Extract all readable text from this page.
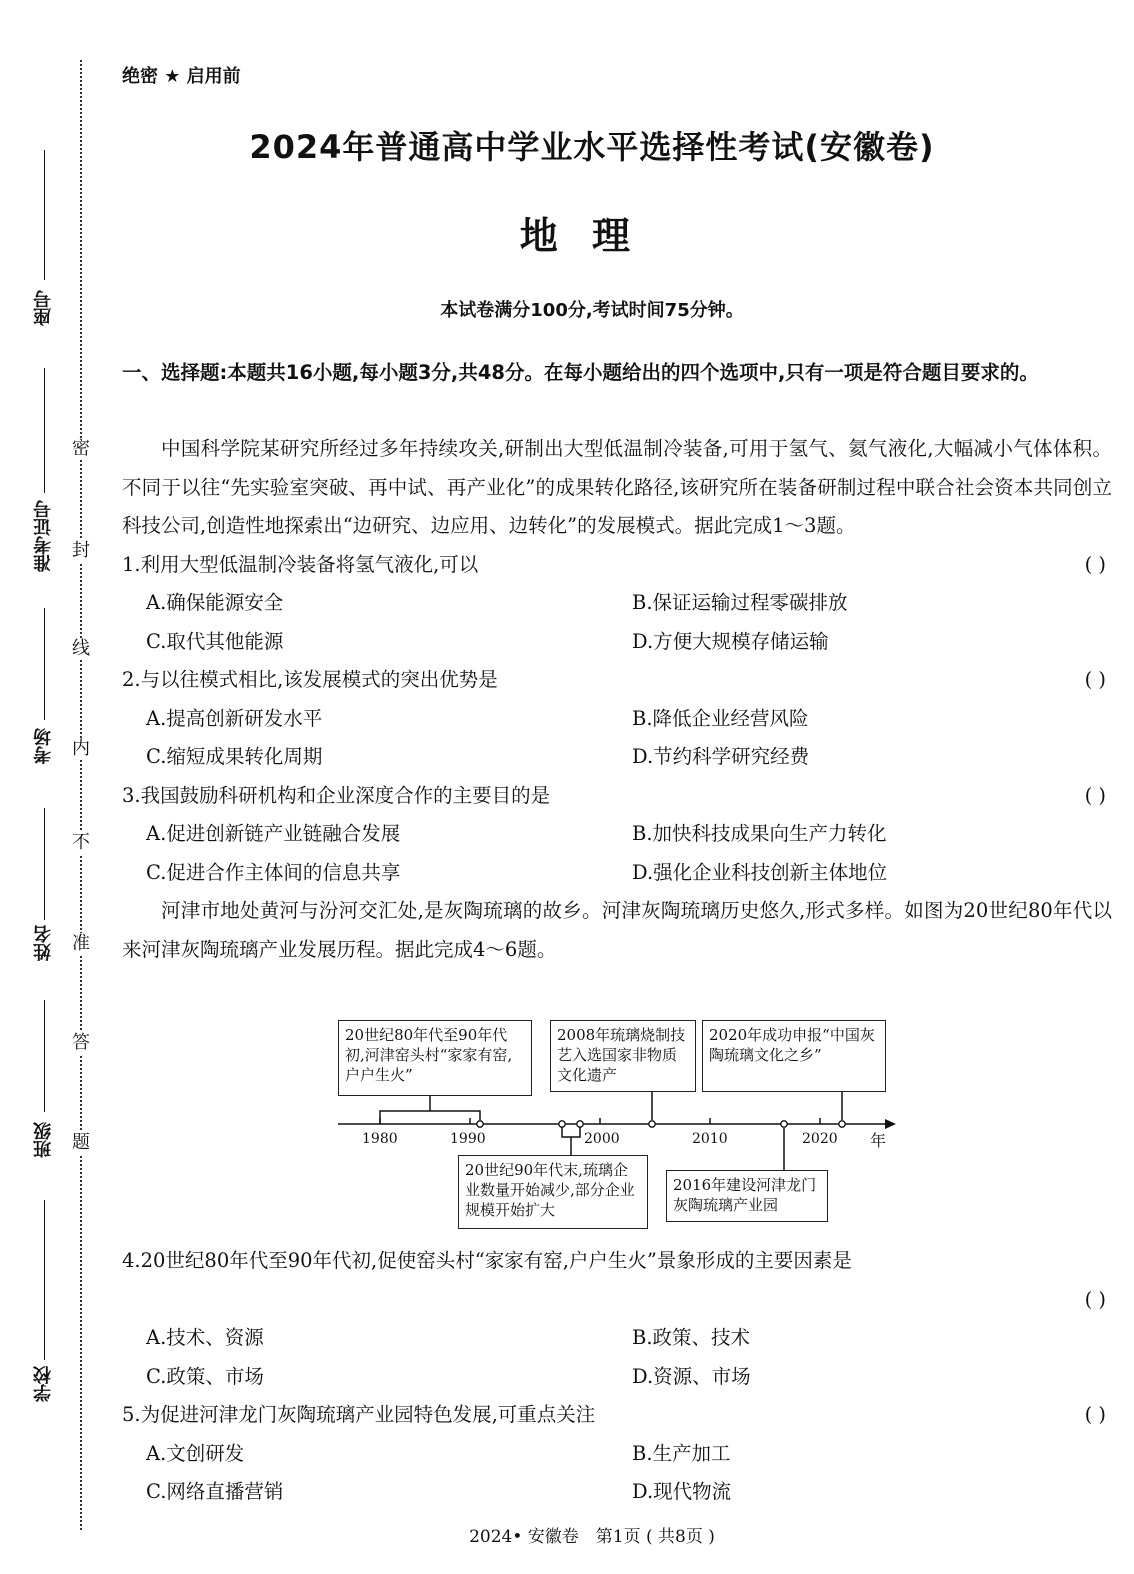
座号
准考证号
考场
姓名
班级
学校
密
封
线
内
不
准
答
题
绝密 ★ 启用前
2024年普通高中学业水平选择性考试(安徽卷)
地理
本试卷满分100分,考试时间75分钟。
一、选择题:本题共16小题,每小题3分,共48分。在每小题给出的四个选项中,只有一项是符合题目要求的。
中国科学院某研究所经过多年持续攻关,研制出大型低温制冷装备,可用于氢气、氦气液化,大幅减小气体体积。不同于以往“先实验室突破、再中试、再产业化”的成果转化路径,该研究所在装备研制过程中联合社会资本共同创立科技公司,创造性地探索出“边研究、边应用、边转化”的发展模式。据此完成1～3题。
1.利用大型低温制冷装备将氢气液化,可以	( )
A.确保能源安全	B.保证运输过程零碳排放
C.取代其他能源	D.方便大规模存储运输
2.与以往模式相比,该发展模式的突出优势是	( )
A.提高创新研发水平	B.降低企业经营风险
C.缩短成果转化周期	D.节约科学研究经费
3.我国鼓励科研机构和企业深度合作的主要目的是	( )
A.促进创新链产业链融合发展	B.加快科技成果向生产力转化
C.促进合作主体间的信息共享	D.强化企业科技创新主体地位
河津市地处黄河与汾河交汇处,是灰陶琉璃的故乡。河津灰陶琉璃历史悠久,形式多样。如图为20世纪80年代以来河津灰陶琉璃产业发展历程。据此完成4～6题。
1980	1990	2000	2010	2020 年
20世纪80年代至90年代初,河津窑头村“家家有窑,户户生火”
2008年琉璃烧制技艺入选国家非物质文化遗产
2020年成功申报“中国灰陶琉璃文化之乡”
20世纪90年代末,琉璃企业数量开始减少,部分企业规模开始扩大
2016年建设河津龙门灰陶琉璃产业园
4.20世纪80年代至90年代初,促使窑头村“家家有窑,户户生火”景象形成的主要因素是
( )
A.技术、资源	B.政策、技术
C.政策、市场	D.资源、市场
5.为促进河津龙门灰陶琉璃产业园特色发展,可重点关注	( )
A.文创研发	B.生产加工
C.网络直播营销	D.现代物流
2024• 安徽卷　第1页 ( 共8页 )
